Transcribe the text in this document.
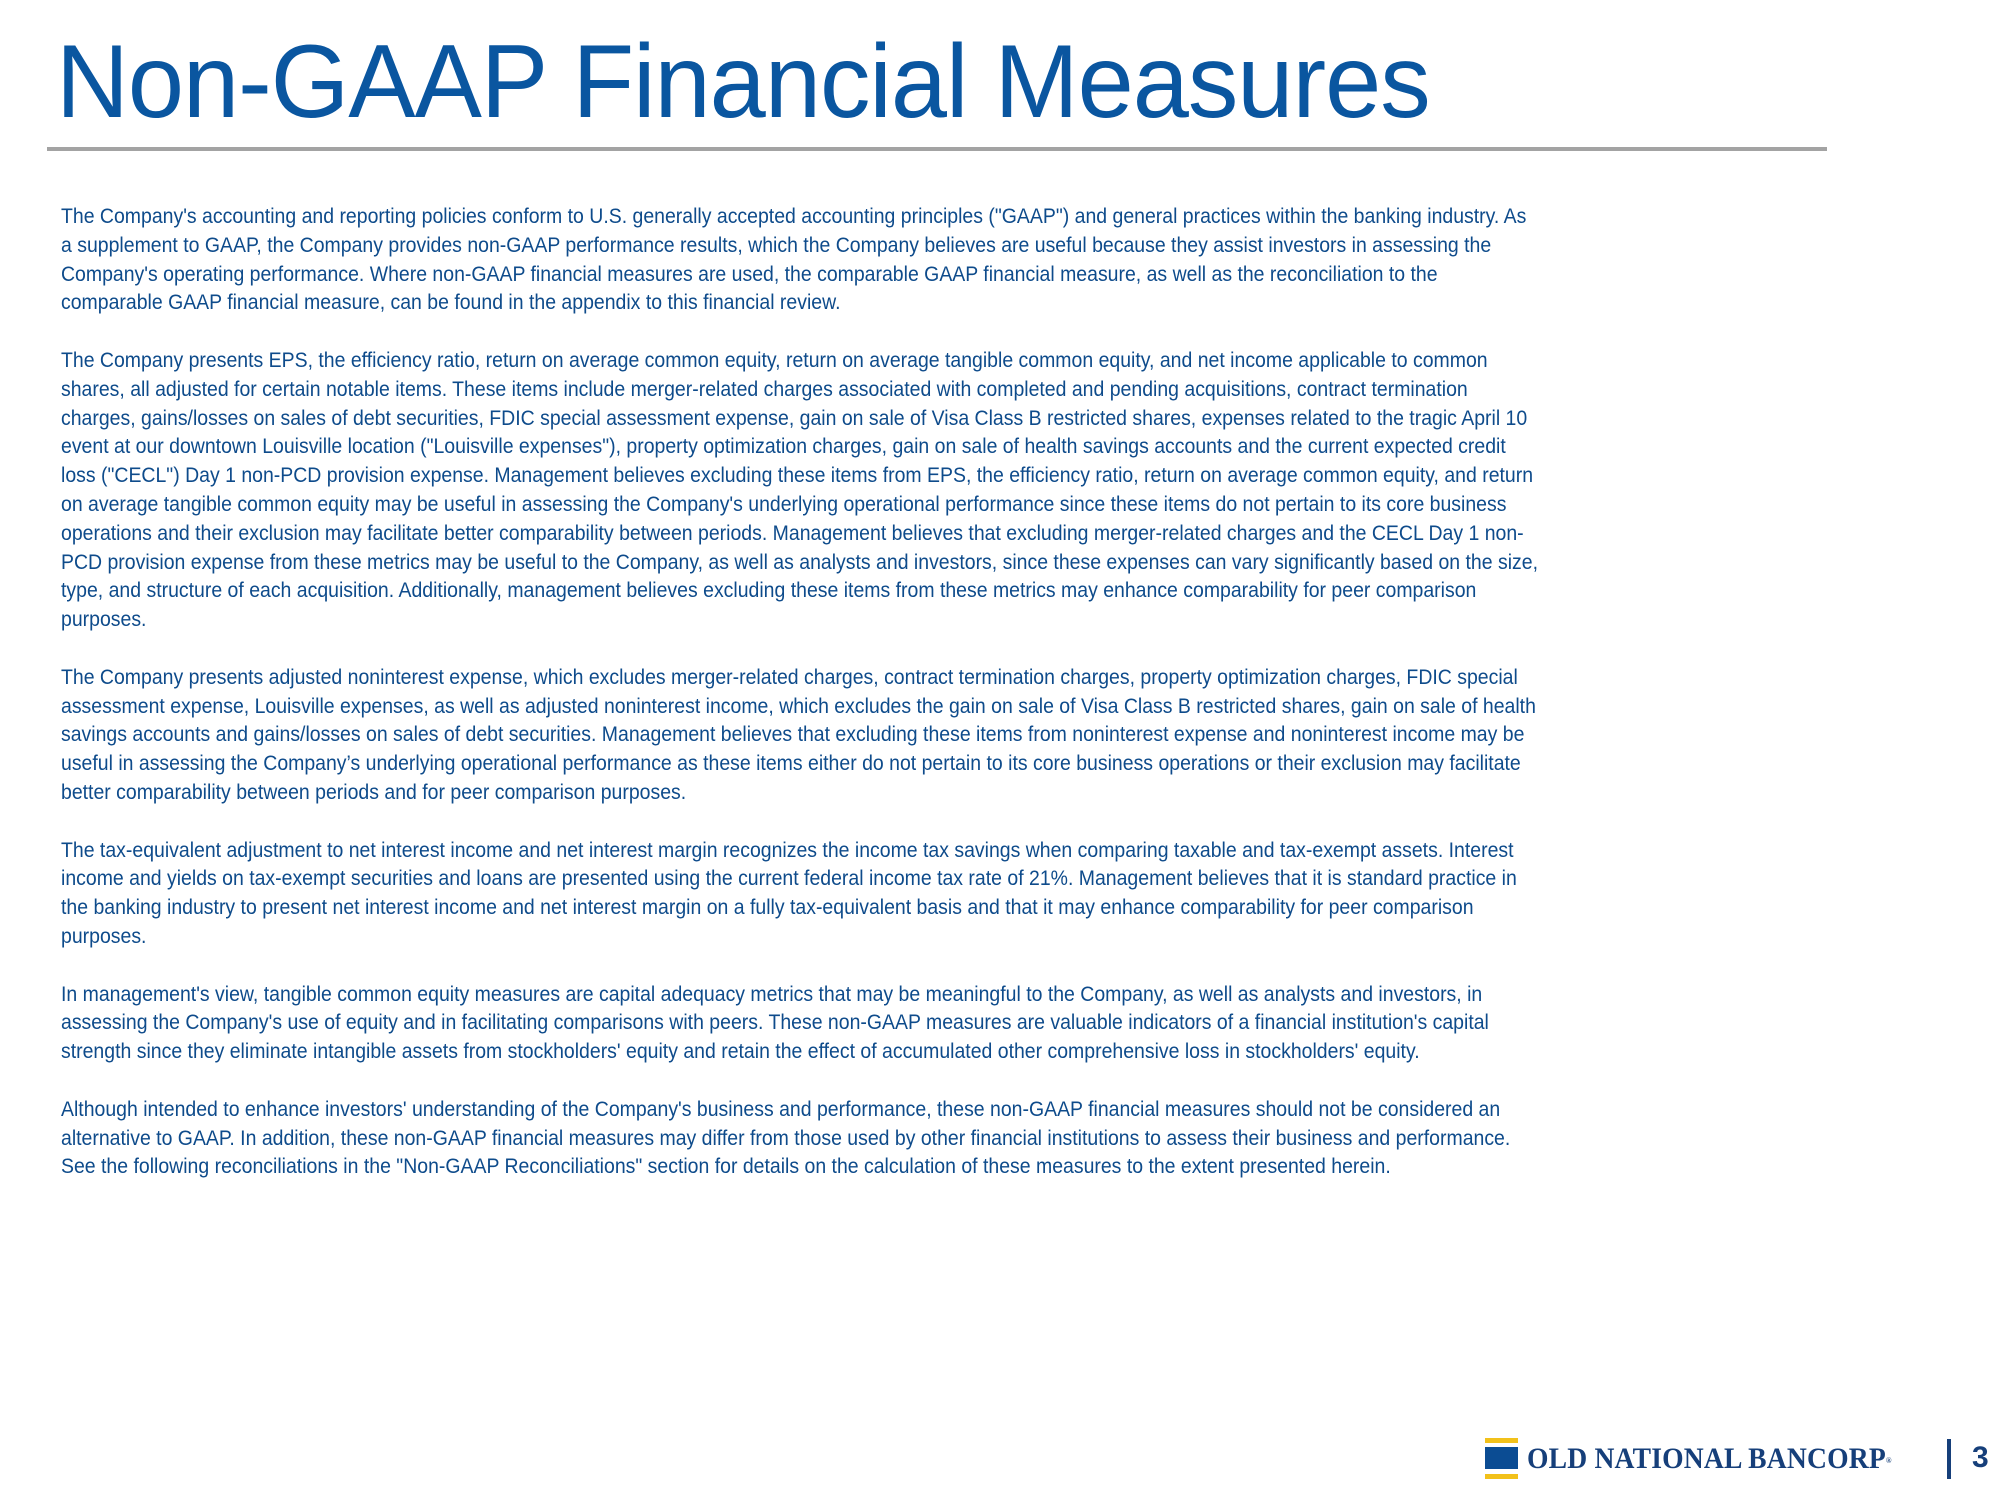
Non-GAAP Financial Measures

The Company's accounting and reporting policies conform to U.S. generally accepted accounting principles ("GAAP") and general practices within the banking industry. As
a supplement to GAAP, the Company provides non-GAAP performance results, which the Company believes are useful because they assist investors in assessing the
Company's operating performance. Where non-GAAP financial measures are used, the comparable GAAP financial measure, as well as the reconciliation to the
comparable GAAP financial measure, can be found in the appendix to this financial review.

The Company presents EPS, the efficiency ratio, return on average common equity, return on average tangible common equity, and net income applicable to common
shares, all adjusted for certain notable items. These items include merger-related charges associated with completed and pending acquisitions, contract termination
charges, gains/losses on sales of debt securities, FDIC special assessment expense, gain on sale of Visa Class B restricted shares, expenses related to the tragic April 10
event at our downtown Louisville location ("Louisville expenses"), property optimization charges, gain on sale of health savings accounts and the current expected credit
loss ("CECL") Day 1 non-PCD provision expense. Management believes excluding these items from EPS, the efficiency ratio, return on average common equity, and return
on average tangible common equity may be useful in assessing the Company's underlying operational performance since these items do not pertain to its core business
operations and their exclusion may facilitate better comparability between periods. Management believes that excluding merger-related charges and the CECL Day 1 non-
PCD provision expense from these metrics may be useful to the Company, as well as analysts and investors, since these expenses can vary significantly based on the size,
type, and structure of each acquisition. Additionally, management believes excluding these items from these metrics may enhance comparability for peer comparison
purposes.

The Company presents adjusted noninterest expense, which excludes merger-related charges, contract termination charges, property optimization charges, FDIC special
assessment expense, Louisville expenses, as well as adjusted noninterest income, which excludes the gain on sale of Visa Class B restricted shares, gain on sale of health
savings accounts and gains/losses on sales of debt securities. Management believes that excluding these items from noninterest expense and noninterest income may be
useful in assessing the Company’s underlying operational performance as these items either do not pertain to its core business operations or their exclusion may facilitate
better comparability between periods and for peer comparison purposes.

The tax-equivalent adjustment to net interest income and net interest margin recognizes the income tax savings when comparing taxable and tax-exempt assets. Interest
income and yields on tax-exempt securities and loans are presented using the current federal income tax rate of 21%. Management believes that it is standard practice in
the banking industry to present net interest income and net interest margin on a fully tax-equivalent basis and that it may enhance comparability for peer comparison
purposes.

In management's view, tangible common equity measures are capital adequacy metrics that may be meaningful to the Company, as well as analysts and investors, in
assessing the Company's use of equity and in facilitating comparisons with peers. These non-GAAP measures are valuable indicators of a financial institution's capital
strength since they eliminate intangible assets from stockholders' equity and retain the effect of accumulated other comprehensive loss in stockholders' equity.

Although intended to enhance investors' understanding of the Company's business and performance, these non-GAAP financial measures should not be considered an
alternative to GAAP. In addition, these non-GAAP financial measures may differ from those used by other financial institutions to assess their business and performance.
See the following reconciliations in the "Non-GAAP Reconciliations" section for details on the calculation of these measures to the extent presented herein.

OLD NATIONAL BANCORP®	3
